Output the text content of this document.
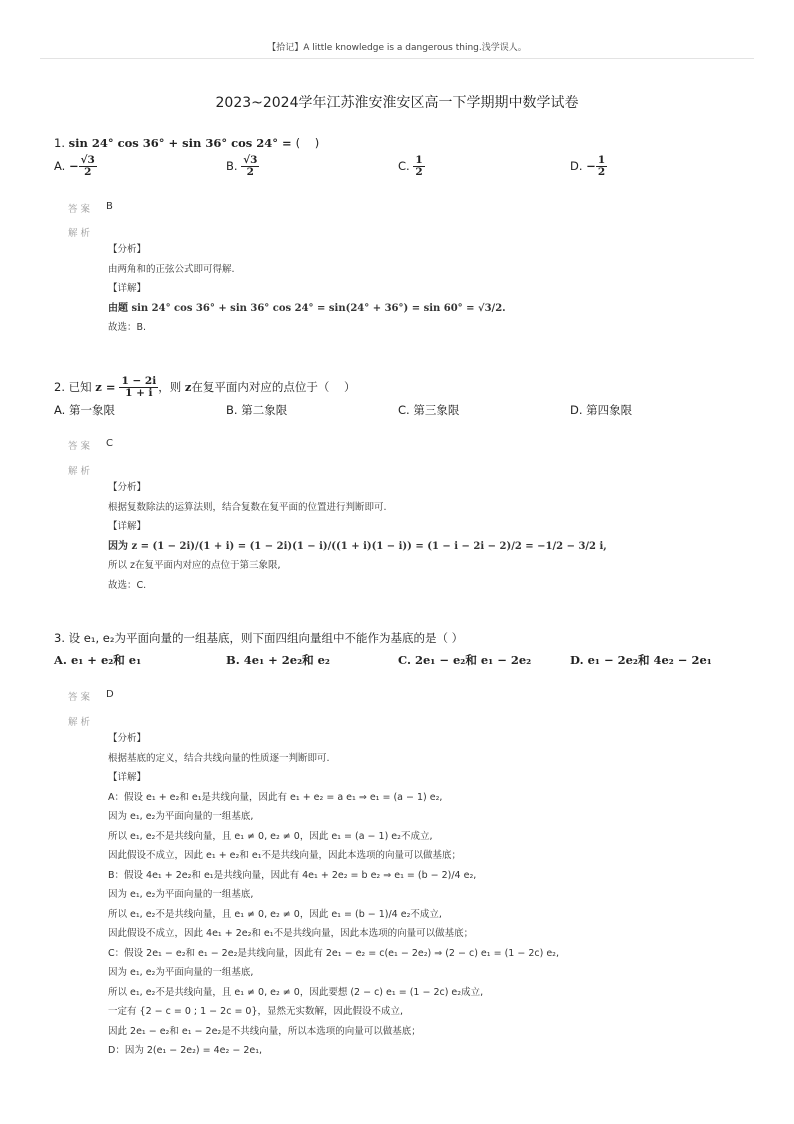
【拾记】A little knowledge is a dangerous thing.浅学误人。
2023~2024学年江苏淮安淮安区高一下学期期中数学试卷
1. sin 24° cos 36° + sin 36° cos 24° = (    )
A. − $\frac{√3}{2}$	B. $\frac{√3}{2}$	C. $\frac{1}{2}$	D. − $\frac{1}{2}$
答案 B
解析
【分析】
由两角和的正弦公式即可得解.
【详解】
由题 sin 24° cos 36° + sin 36° cos 24° = sin(24° + 36°) = sin 60° = √3/2.
故选：B.
2. 已知 $z = \frac{1 - 2i}{1 + i}$ ，则 z在复平面内对应的点位于（    ）
A. 第一象限	B. 第二象限	C. 第三象限	D. 第四象限
答案 C
解析
【分析】
根据复数除法的运算法则，结合复数在复平面的位置进行判断即可.
【详解】
因为 z = (1 − 2i)/(1 + i) = (1 − 2i)(1 − i)/((1 + i)(1 − i)) = (1 − i − 2i − 2)/2 = −1/2 − 3/2 i,
所以 z在复平面内对应的点位于第三象限,
故选：C.
3. 设 e₁, e₂为平面向量的一组基底，则下面四组向量组中不能作为基底的是（ ）
A. e₁ + e₂和 e₁	B. 4e₁ + 2e₂和 e₂	C. 2e₁ − e₂和 e₁ − 2e₂	D. e₁ − 2e₂和 4e₂ − 2e₁
答案 D
解析
【分析】
根据基底的定义，结合共线向量的性质逐一判断即可.
【详解】
A：假设 e₁ + e₂和 e₁是共线向量，因此有 e₁ + e₂ = a e₁ ⇒ e₁ = (a − 1) e₂,
因为 e₁, e₂为平面向量的一组基底,
所以 e₁, e₂不是共线向量，且 e₁ ≠ 0, e₂ ≠ 0，因此 e₁ = (a − 1) e₂不成立,
因此假设不成立，因此 e₁ + e₂和 e₁不是共线向量，因此本选项的向量可以做基底；
B：假设 4e₁ + 2e₂和 e₁是共线向量，因此有 4e₁ + 2e₂ = b e₂ ⇒ e₁ = (b − 2)/4 e₂,
因为 e₁, e₂为平面向量的一组基底,
所以 e₁, e₂不是共线向量，且 e₁ ≠ 0, e₂ ≠ 0，因此 e₁ = (b − 1)/4 e₂不成立,
因此假设不成立，因此 4e₁ + 2e₂和 e₁不是共线向量，因此本选项的向量可以做基底；
C：假设 2e₁ − e₂和 e₁ − 2e₂是共线向量，因此有 2e₁ − e₂ = c(e₁ − 2e₂) ⇒ (2 − c) e₁ = (1 − 2c) e₂,
因为 e₁, e₂为平面向量的一组基底,
所以 e₁, e₂不是共线向量，且 e₁ ≠ 0, e₂ ≠ 0，因此要想 (2 − c) e₁ = (1 − 2c) e₂成立,
一定有 {2 − c = 0 ; 1 − 2c = 0}，显然无实数解，因此假设不成立,
因此 2e₁ − e₂和 e₁ − 2e₂是不共线向量，所以本选项的向量可以做基底；
D：因为 2(e₁ − 2e₂) = 4e₂ − 2e₁,
